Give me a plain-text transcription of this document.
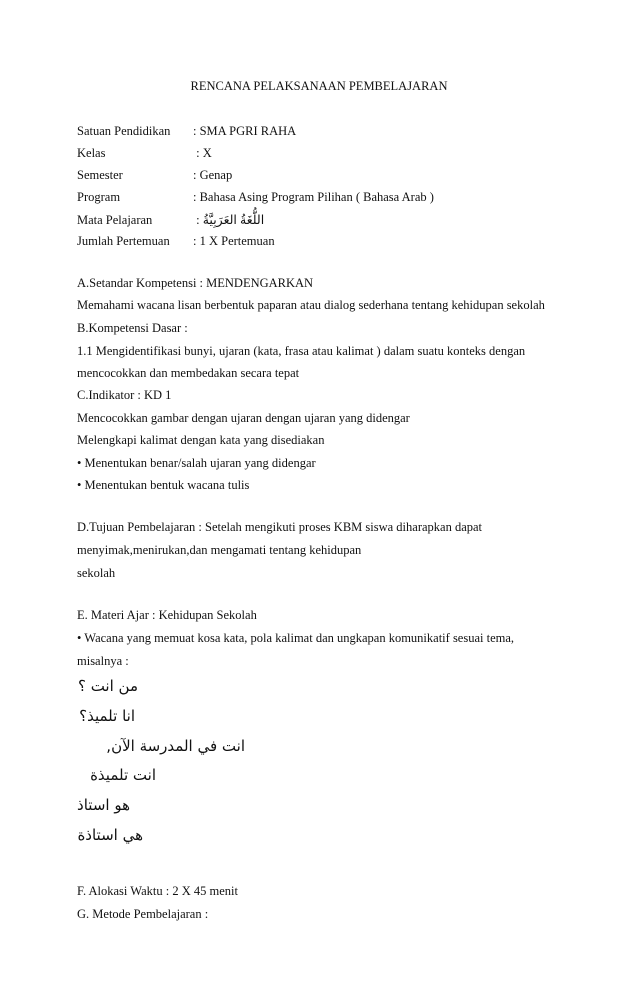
RENCANA PELAKSANAAN PEMBELAJARAN
Satuan Pendidikan : SMA PGRI RAHA
Kelas	: X
Semester	: Genap
Program	: Bahasa Asing Program Pilihan ( Bahasa Arab )
Mata Pelajaran	: اللُّغَةُ العَرَبِيَّةُ
Jumlah Pertemuan : 1 X Pertemuan
A.Setandar Kompetensi : MENDENGARKAN
Memahami wacana lisan berbentuk paparan atau dialog sederhana tentang kehidupan sekolah
B.Kompetensi Dasar :
1.1 Mengidentifikasi bunyi, ujaran (kata, frasa atau kalimat ) dalam suatu konteks dengan
mencocokkan dan membedakan secara tepat
C.Indikator : KD 1
Mencocokkan gambar dengan ujaran dengan ujaran yang didengar
Melengkapi kalimat dengan kata yang disediakan
• Menentukan benar/salah ujaran yang didengar
• Menentukan bentuk wacana tulis
D.Tujuan Pembelajaran : Setelah mengikuti proses KBM siswa diharapkan dapat
menyimak,menirukan,dan mengamati tentang kehidupan
sekolah
E. Materi Ajar : Kehidupan Sekolah
• Wacana yang memuat kosa kata, pola kalimat dan ungkapan komunikatif sesuai tema,
misalnya :
من انت ؟
انا تلميذ؟
انت في المدرسة الآن,
انت تلميذة
هو استاذ
هي استاذة
F. Alokasi Waktu : 2 X 45 menit
G. Metode Pembelajaran :
